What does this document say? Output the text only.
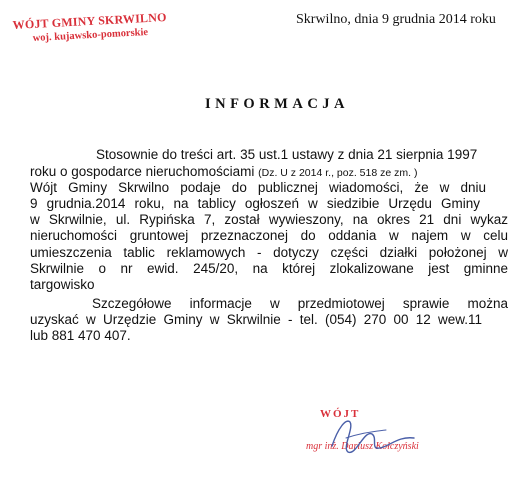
WÓJT GMINY SKRWILNO
woj. kujawsko-pomorskie
Skrwilno, dnia 9 grudnia 2014 roku
INFORMACJA
Stosownie do treści art. 35 ust.1 ustawy z dnia 21 sierpnia 1997
roku o gospodarce nieruchomościami (Dz. U z 2014 r., poz. 518 ze zm. )
Wójt Gminy Skrwilno podaje do publicznej wiadomości, że w dniu
9 grudnia.2014 roku, na tablicy ogłoszeń w siedzibie Urzędu Gminy
w Skrwilnie, ul. Rypińska 7, został wywieszony, na okres 21 dni wykaz
nieruchomości gruntowej przeznaczonej do oddania w najem w celu
umieszczenia tablic reklamowych - dotyczy części działki położonej w
Skrwilnie o nr ewid. 245/20, na której zlokalizowane jest gminne
targowisko
Szczegółowe informacje w przedmiotowej sprawie można
uzyskać w Urzędzie Gminy w Skrwilnie - tel. (054) 270 00 12 wew.11
lub 881 470 407.
WÓJT
mgr inż. Dariusz Kołczyński
